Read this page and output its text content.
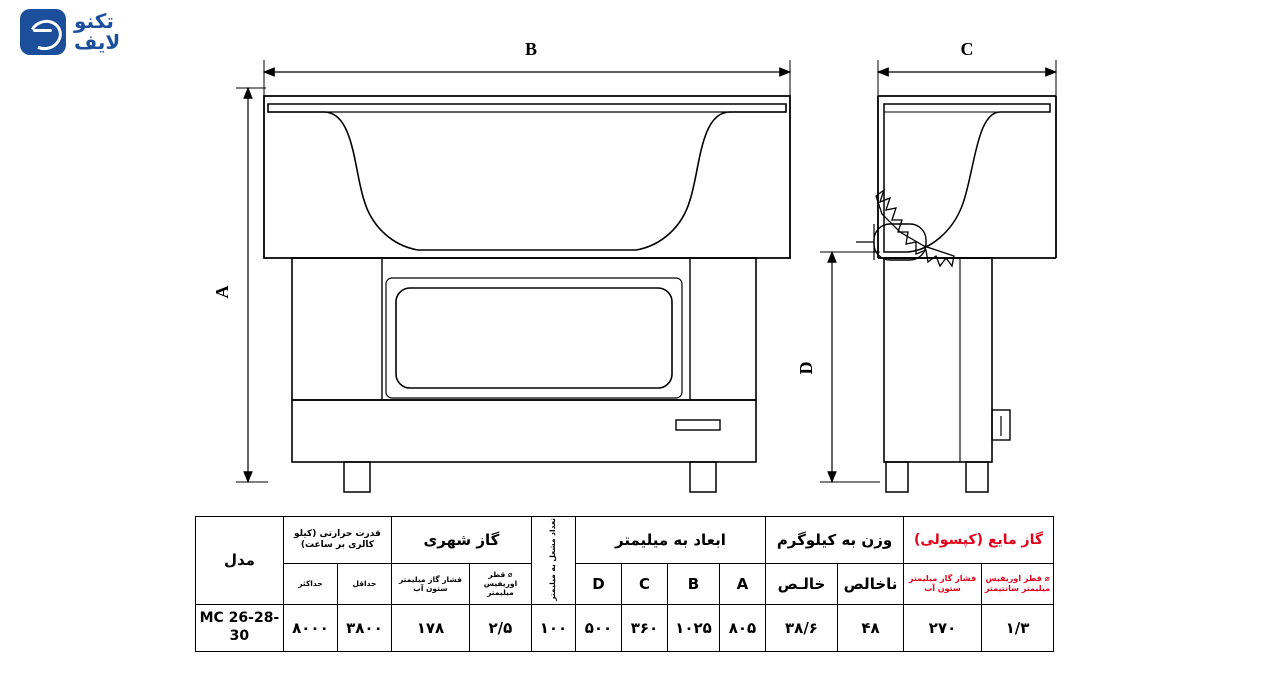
تکنو
لایف	B	C
A
D
گاز مایع (کپسولی)		وزن به کیلوگرم		ابعاد به میلیمتر				تعداد مشعل به میلیمتر	گاز شهری		قدرت حرارتی (کیلو کالری بر ساعت)		مدل
⌀ قطر اوریفیس میلیمتر سانتیمتر	فشار گاز میلیمتر ستون آب	ناخالص	خالـص	A	B	C	D		⌀ قطر اوریفیس میلیمتر	فشار گاز میلیمتر ستون آب	حداقل	حداکثر	
۱/۳	۲۷۰	۴۸	۳۸/۶	۸۰۵	۱۰۲۵	۳۶۰	۵۰۰	۱۰۰	۲/۵	۱۷۸	۳۸۰۰	۸۰۰۰	MC 26-28-30
